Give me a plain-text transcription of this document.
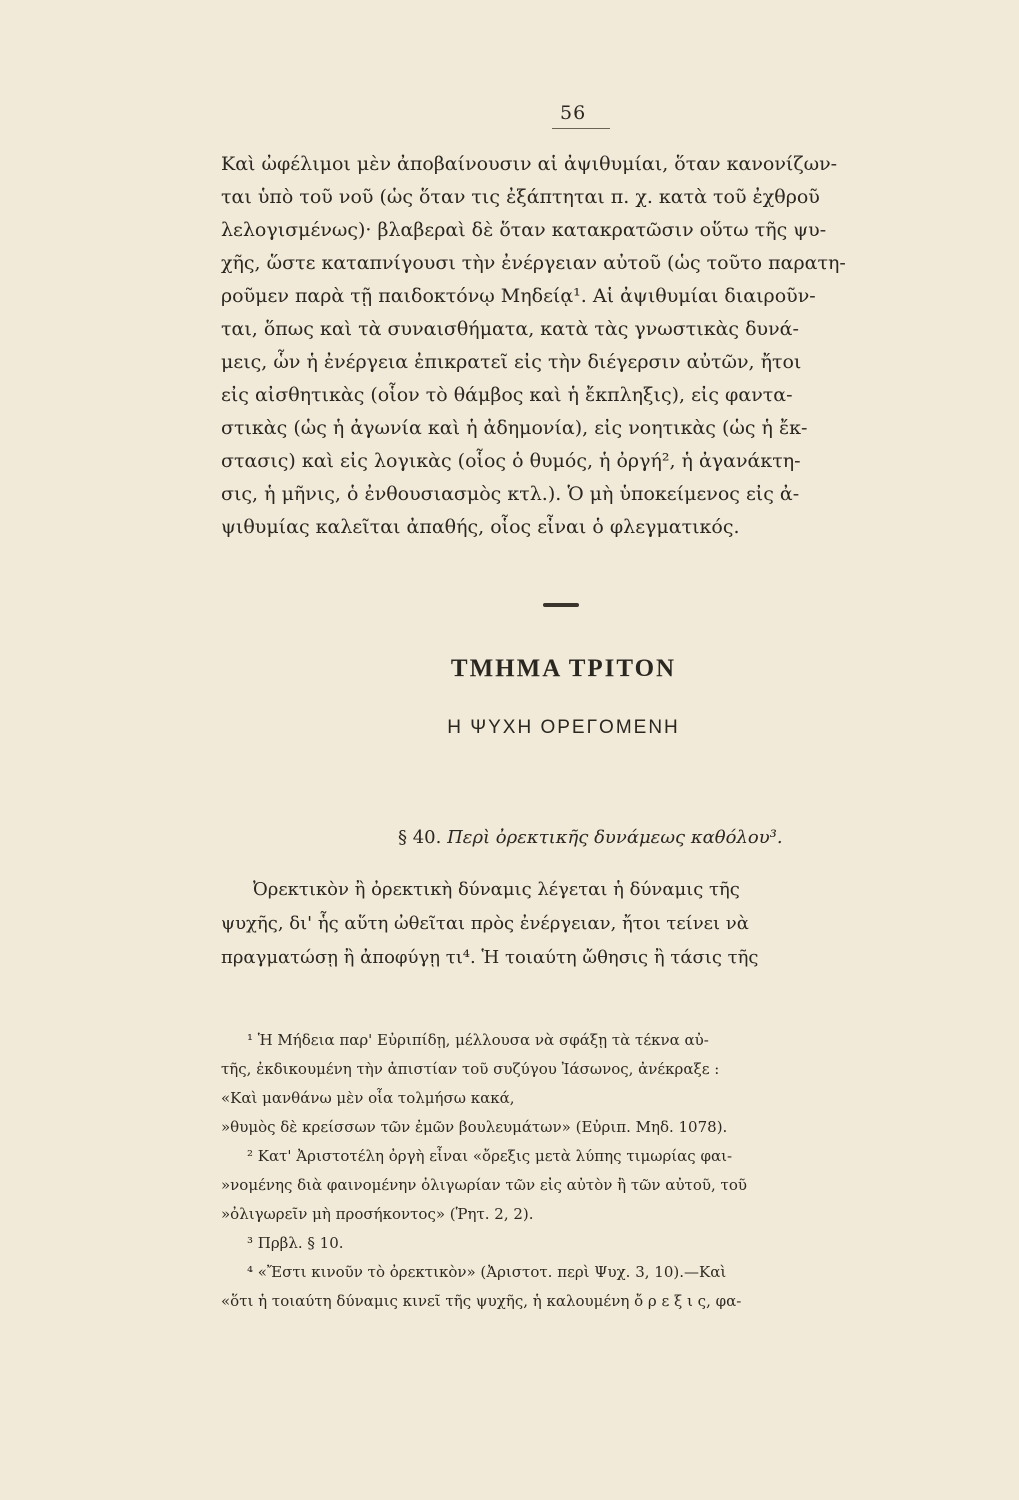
56
Καὶ ὠφέλιμοι μὲν ἀποβαίνουσιν αἱ ἀψιθυμίαι, ὅταν κανονίζων-
ται ὑπὸ τοῦ νοῦ (ὡς ὅταν τις ἐξάπτηται π. χ. κατὰ τοῦ ἐχθροῦ
λελογισμένως)· βλαβεραὶ δὲ ὅταν κατακρατῶσιν οὕτω τῆς ψυ-
χῆς, ὥστε καταπνίγουσι τὴν ἐνέργειαν αὐτοῦ (ὡς τοῦτο παρατη-
ροῦμεν παρὰ τῇ παιδοκτόνῳ Μηδείᾳ¹. Αἱ ἀψιθυμίαι διαιροῦν-
ται, ὅπως καὶ τὰ συναισθήματα, κατὰ τὰς γνωστικὰς δυνά-
μεις, ὧν ἡ ἐνέργεια ἐπικρατεῖ εἰς τὴν διέγερσιν αὐτῶν, ἤτοι
εἰς αἰσθητικὰς (οἷον τὸ θάμβος καὶ ἡ ἔκπληξις), εἰς φαντα-
στικὰς (ὡς ἡ ἀγωνία καὶ ἡ ἀδημονία), εἰς νοητικὰς (ὡς ἡ ἔκ-
στασις) καὶ εἰς λογικὰς (οἷος ὁ θυμός, ἡ ὀργή², ἡ ἀγανάκτη-
σις, ἡ μῆνις, ὁ ἐνθουσιασμὸς κτλ.). Ὁ μὴ ὑποκείμενος εἰς ἀ-
ψιθυμίας καλεῖται ἀπαθής, οἷος εἶναι ὁ φλεγματικός.
ΤΜΗΜΑ ΤΡΙΤΟΝ
Η ΨΥΧΗ ΟΡΕΓΟΜΕΝΗ
§ 40. Περὶ ὀρεκτικῆς δυνάμεως καθόλου³.
Ὀρεκτικὸν ἢ ὀρεκτικὴ δύναμις λέγεται ἡ δύναμις τῆς
ψυχῆς, δι' ἧς αὕτη ὠθεῖται πρὸς ἐνέργειαν, ἤτοι τείνει νὰ
πραγματώσῃ ἢ ἀποφύγῃ τι⁴. Ἡ τοιαύτη ὤθησις ἢ τάσις τῆς
¹ Ἡ Μήδεια παρ' Εὐριπίδῃ, μέλλουσα νὰ σφάξῃ τὰ τέκνα αὐ-
τῆς, ἐκδικουμένη τὴν ἀπιστίαν τοῦ συζύγου Ἰάσωνος, ἀνέκραξε :
«Καὶ μανθάνω μὲν οἷα τολμήσω κακά,
»θυμὸς δὲ κρείσσων τῶν ἐμῶν βουλευμάτων» (Εὐριπ. Μηδ. 1078).
² Κατ' Ἀριστοτέλη ὀργὴ εἶναι «ὄρεξις μετὰ λύπης τιμωρίας φαι-
»νομένης διὰ φαινομένην ὀλιγωρίαν τῶν εἰς αὐτὸν ἢ τῶν αὐτοῦ, τοῦ
»ὀλιγωρεῖν μὴ προσήκοντος» (Ῥητ. 2, 2).
³ Πρβλ. § 10.
⁴ «Ἔστι κινοῦν τὸ ὀρεκτικὸν» (Ἀριστοτ. περὶ Ψυχ. 3, 10).—Καὶ
«ὅτι ἡ τοιαύτη δύναμις κινεῖ τῆς ψυχῆς, ἡ καλουμένη ὄ ρ ε ξ ι ς, φα-
